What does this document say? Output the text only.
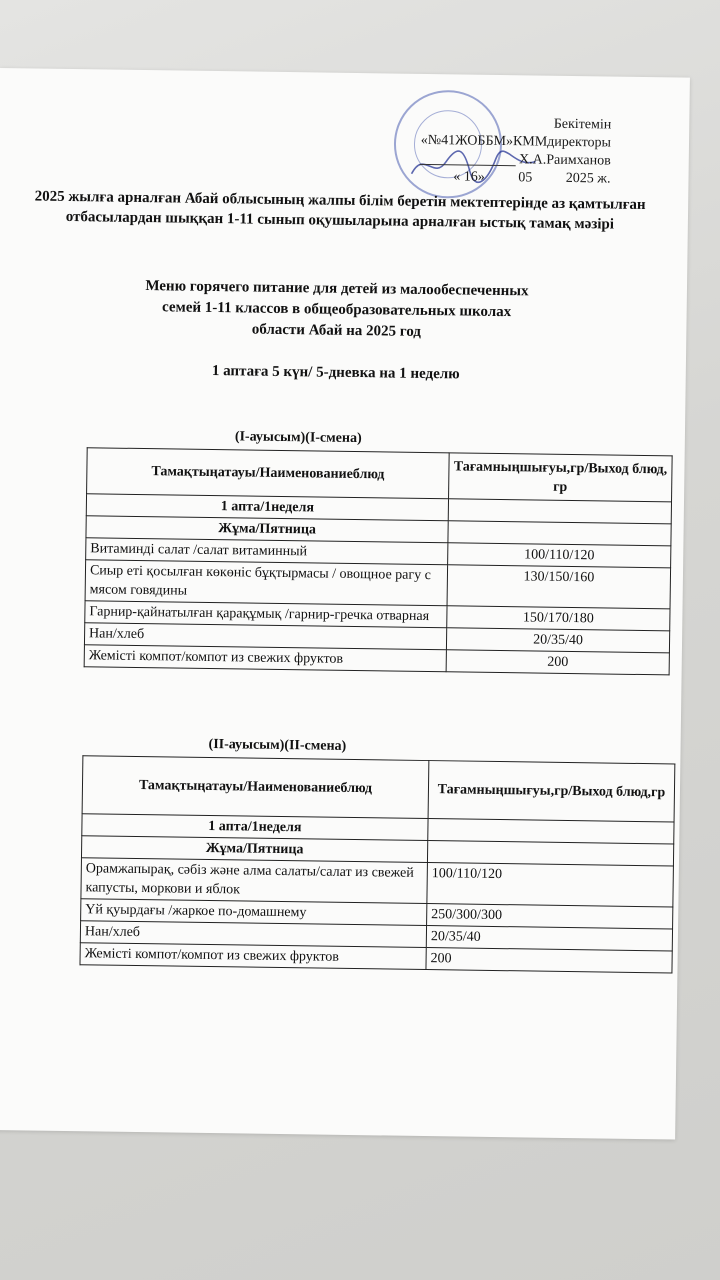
Бекітемін
«№41ЖОББМ»КММдиректоры
Х.А.Раимханов
« 16» 05 2025 ж.
2025 жылға арналған Абай облысының жалпы білім беретін мектептерінде аз қамтылған отбасылардан шыққан 1-11 сынып оқушыларына арналған ыстық тамақ мәзірі
Меню горячего питание для детей из малообеспеченных
семей 1-11 классов в общеобразовательных школах
области Абай на 2025 год
1 аптаға 5 күн/ 5-дневка на 1 неделю
(І-ауысым)(І-смена)
Тамақтыңатауы/Наименованиеблюд	Тағамныңшығуы,гр/Выход блюд, гр
1 апта/1неделя	
Жұма/Пятница	
Витаминді салат /салат витаминный	100/110/120
Сиыр еті қосылған көкөніс бұқтырмасы / овощное рагу с мясом говядины	130/150/160
Гарнир-қайнатылған қарақұмық /гарнир-гречка отварная	150/170/180
Нан/хлеб	20/35/40
Жемісті компот/компот из свежих фруктов	200
(ІІ-ауысым)(ІІ-смена)
Тамақтыңатауы/Наименованиеблюд	Тағамныңшығуы,гр/Выход блюд,гр
1 апта/1неделя	
Жұма/Пятница	
Орамжапырақ, сәбіз және алма салаты/салат из свежей капусты, моркови и яблок	100/110/120
Үй қуырдағы /жаркое по-домашнему	250/300/300
Нан/хлеб	20/35/40
Жемісті компот/компот из свежих фруктов	200
